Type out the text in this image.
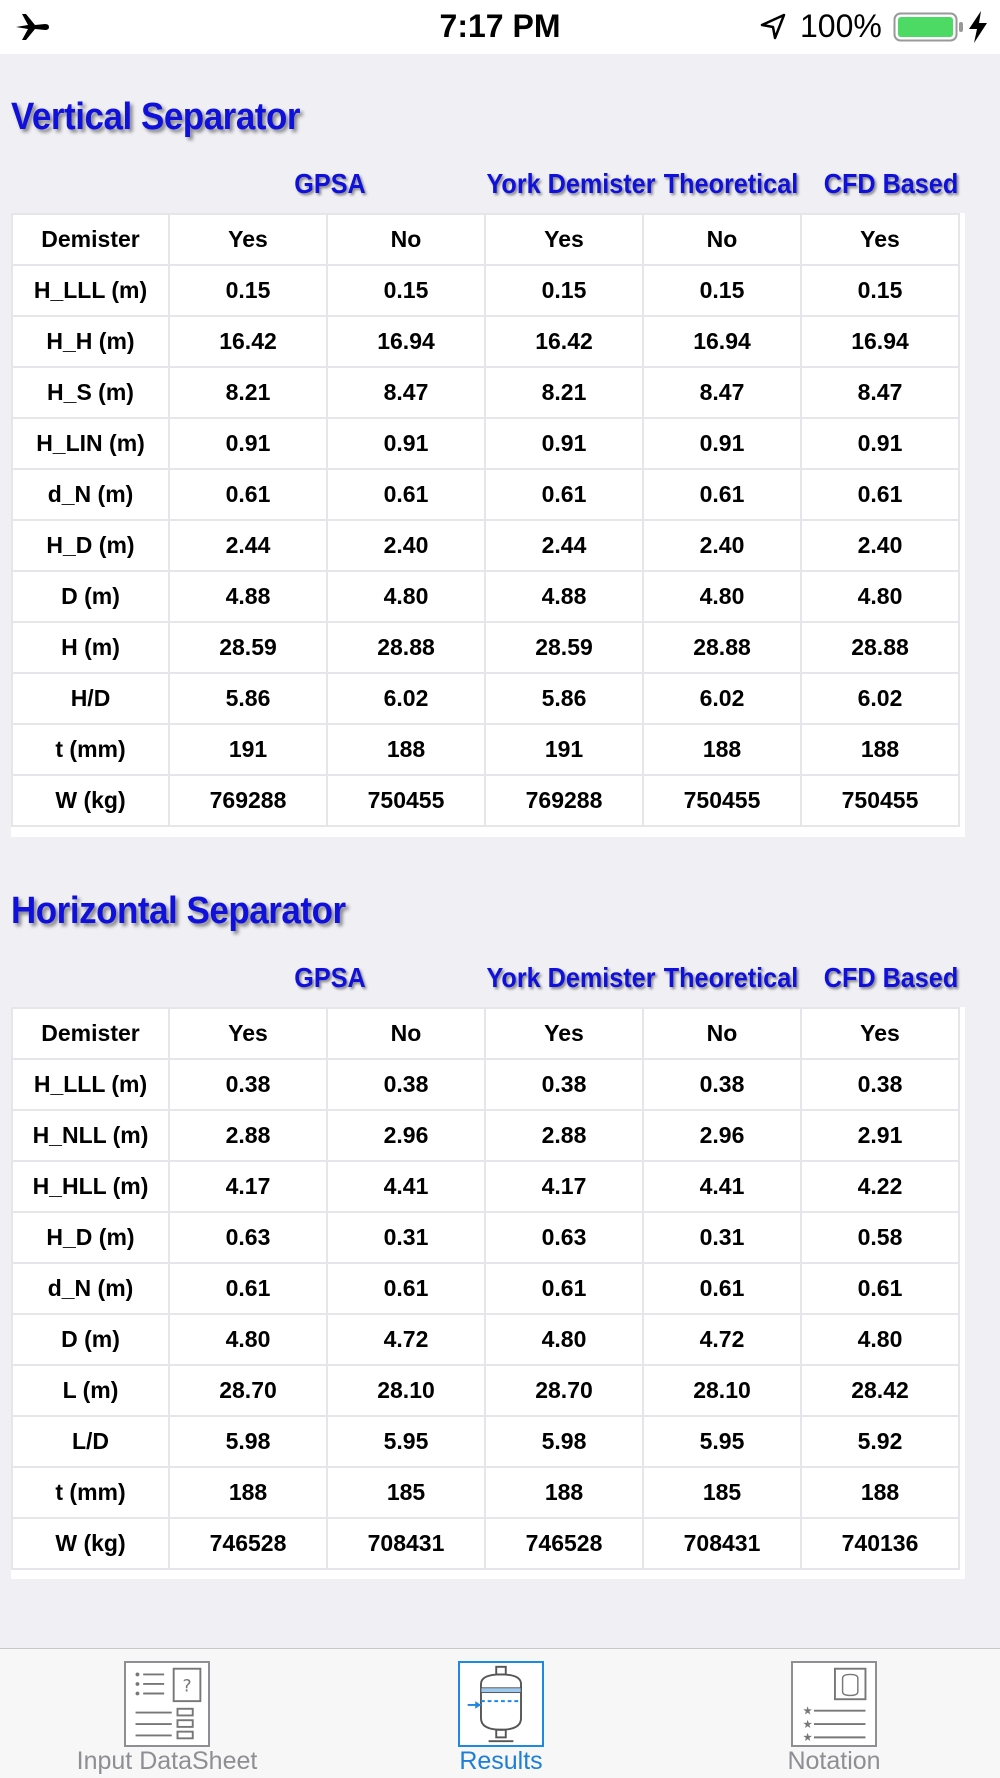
7:17 PM	100%
Vertical Separator
GPSA	York Demister Theoretical CFD Based
Demister	Yes	No	Yes	No	Yes
H_LLL (m)	0.15	0.15	0.15	0.15	0.15
H_H (m)	16.42	16.94	16.42	16.94	16.94
H_S (m)	8.21	8.47	8.21	8.47	8.47
H_LIN (m)	0.91	0.91	0.91	0.91	0.91
d_N (m)	0.61	0.61	0.61	0.61	0.61
H_D (m)	2.44	2.40	2.44	2.40	2.40
D (m)	4.88	4.80	4.88	4.80	4.80
H (m)	28.59	28.88	28.59	28.88	28.88
H/D	5.86	6.02	5.86	6.02	6.02
t (mm)	191	188	191	188	188
W (kg)	769288	750455	769288	750455	750455
Horizontal Separator
GPSA	York Demister Theoretical CFD Based
Demister	Yes	No	Yes	No	Yes
H_LLL (m)	0.38	0.38	0.38	0.38	0.38
H_NLL (m)	2.88	2.96	2.88	2.96	2.91
H_HLL (m)	4.17	4.41	4.17	4.41	4.22
H_D (m)	0.63	0.31	0.63	0.31	0.58
d_N (m)	0.61	0.61	0.61	0.61	0.61
D (m)	4.80	4.72	4.80	4.72	4.80
L (m)	28.70	28.10	28.70	28.10	28.42
L/D	5.98	5.95	5.98	5.95	5.92
t (mm)	188	185	188	185	188
W (kg)	746528	708431	746528	708431	740136
?
Input DataSheet	Results
★
★
★
Notation
